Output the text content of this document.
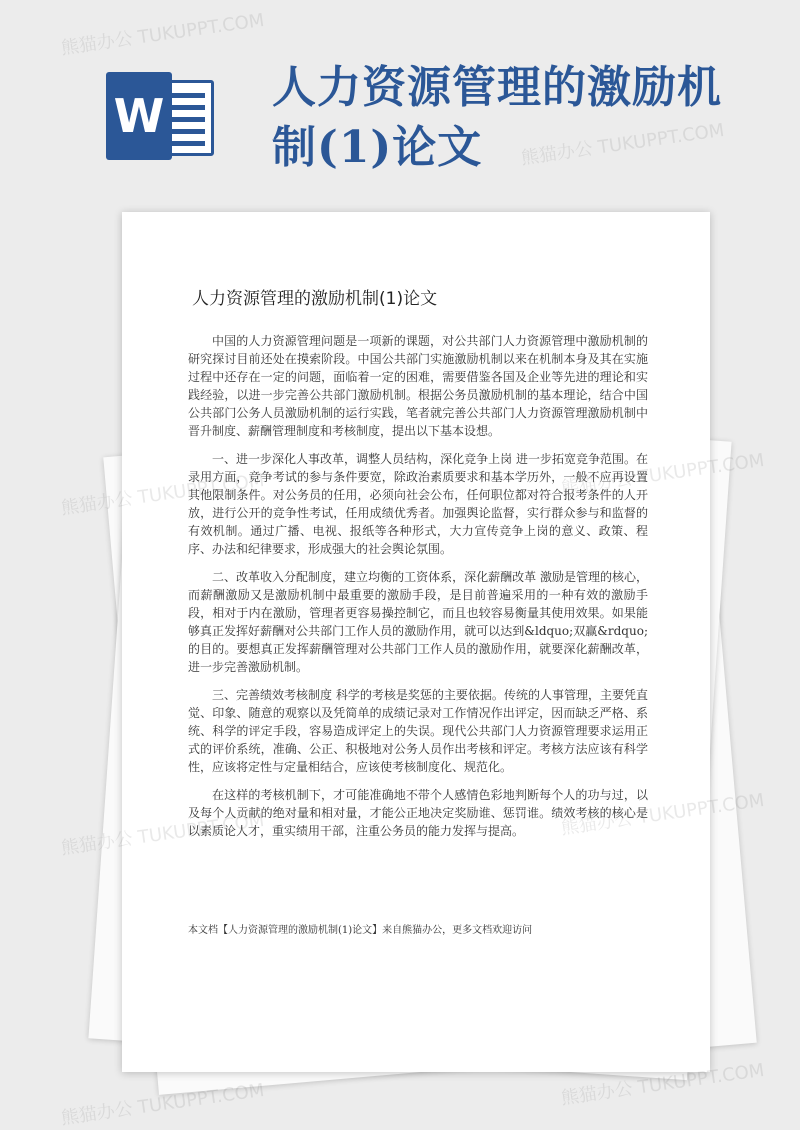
W
人力资源管理的激励机制(1)论文
人力资源管理的激励机制(1)论文

中国的人力资源管理问题是一项新的课题，对公共部门人力资源管理中激励机制的研究探讨目前还处在摸索阶段。中国公共部门实施激励机制以来在机制本身及其在实施过程中还存在一定的问题，面临着一定的困难，需要借鉴各国及企业等先进的理论和实践经验，以进一步完善公共部门激励机制。根据公务员激励机制的基本理论，结合中国公共部门公务人员激励机制的运行实践，笔者就完善公共部门人力资源管理激励机制中晋升制度、薪酬管理制度和考核制度，提出以下基本设想。

一、进一步深化人事改革，调整人员结构，深化竞争上岗 进一步拓宽竞争范围。在录用方面，竞争考试的参与条件要宽，除政治素质要求和基本学历外，一般不应再设置其他限制条件。对公务员的任用，必须向社会公布，任何职位都对符合报考条件的人开放，进行公开的竞争性考试，任用成绩优秀者。加强舆论监督，实行群众参与和监督的有效机制。通过广播、电视、报纸等各种形式，大力宣传竞争上岗的意义、政策、程序、办法和纪律要求，形成强大的社会舆论氛围。

二、改革收入分配制度，建立均衡的工资体系，深化薪酬改革 激励是管理的核心，而薪酬激励又是激励机制中最重要的激励手段，是目前普遍采用的一种有效的激励手段，相对于内在激励，管理者更容易操控制它，而且也较容易衡量其使用效果。如果能够真正发挥好薪酬对公共部门工作人员的激励作用，就可以达到&ldquo;双赢&rdquo;的目的。要想真正发挥薪酬管理对公共部门工作人员的激励作用，就要深化薪酬改革，进一步完善激励机制。

三、完善绩效考核制度 科学的考核是奖惩的主要依据。传统的人事管理，主要凭直觉、印象、随意的观察以及凭简单的成绩记录对工作情况作出评定，因而缺乏严格、系统、科学的评定手段，容易造成评定上的失误。现代公共部门人力资源管理要求运用正式的评价系统，准确、公正、积极地对公务人员作出考核和评定。考核方法应该有科学性，应该将定性与定量相结合，应该使考核制度化、规范化。

在这样的考核机制下，才可能准确地不带个人感情色彩地判断每个人的功与过，以及每个人贡献的绝对量和相对量，才能公正地决定奖励谁、惩罚谁。绩效考核的核心是以素质论人才，重实绩用干部，注重公务员的能力发挥与提高。

本文档【人力资源管理的激励机制(1)论文】来自熊猫办公，更多文档欢迎访问
熊猫办公 TUKUPPT.COM
熊猫办公 TUKUPPT.COM
熊猫办公
熊猫办公
熊猫办公 TUKUPPT.COM	熊猫办公 TUKUPPT.COM
